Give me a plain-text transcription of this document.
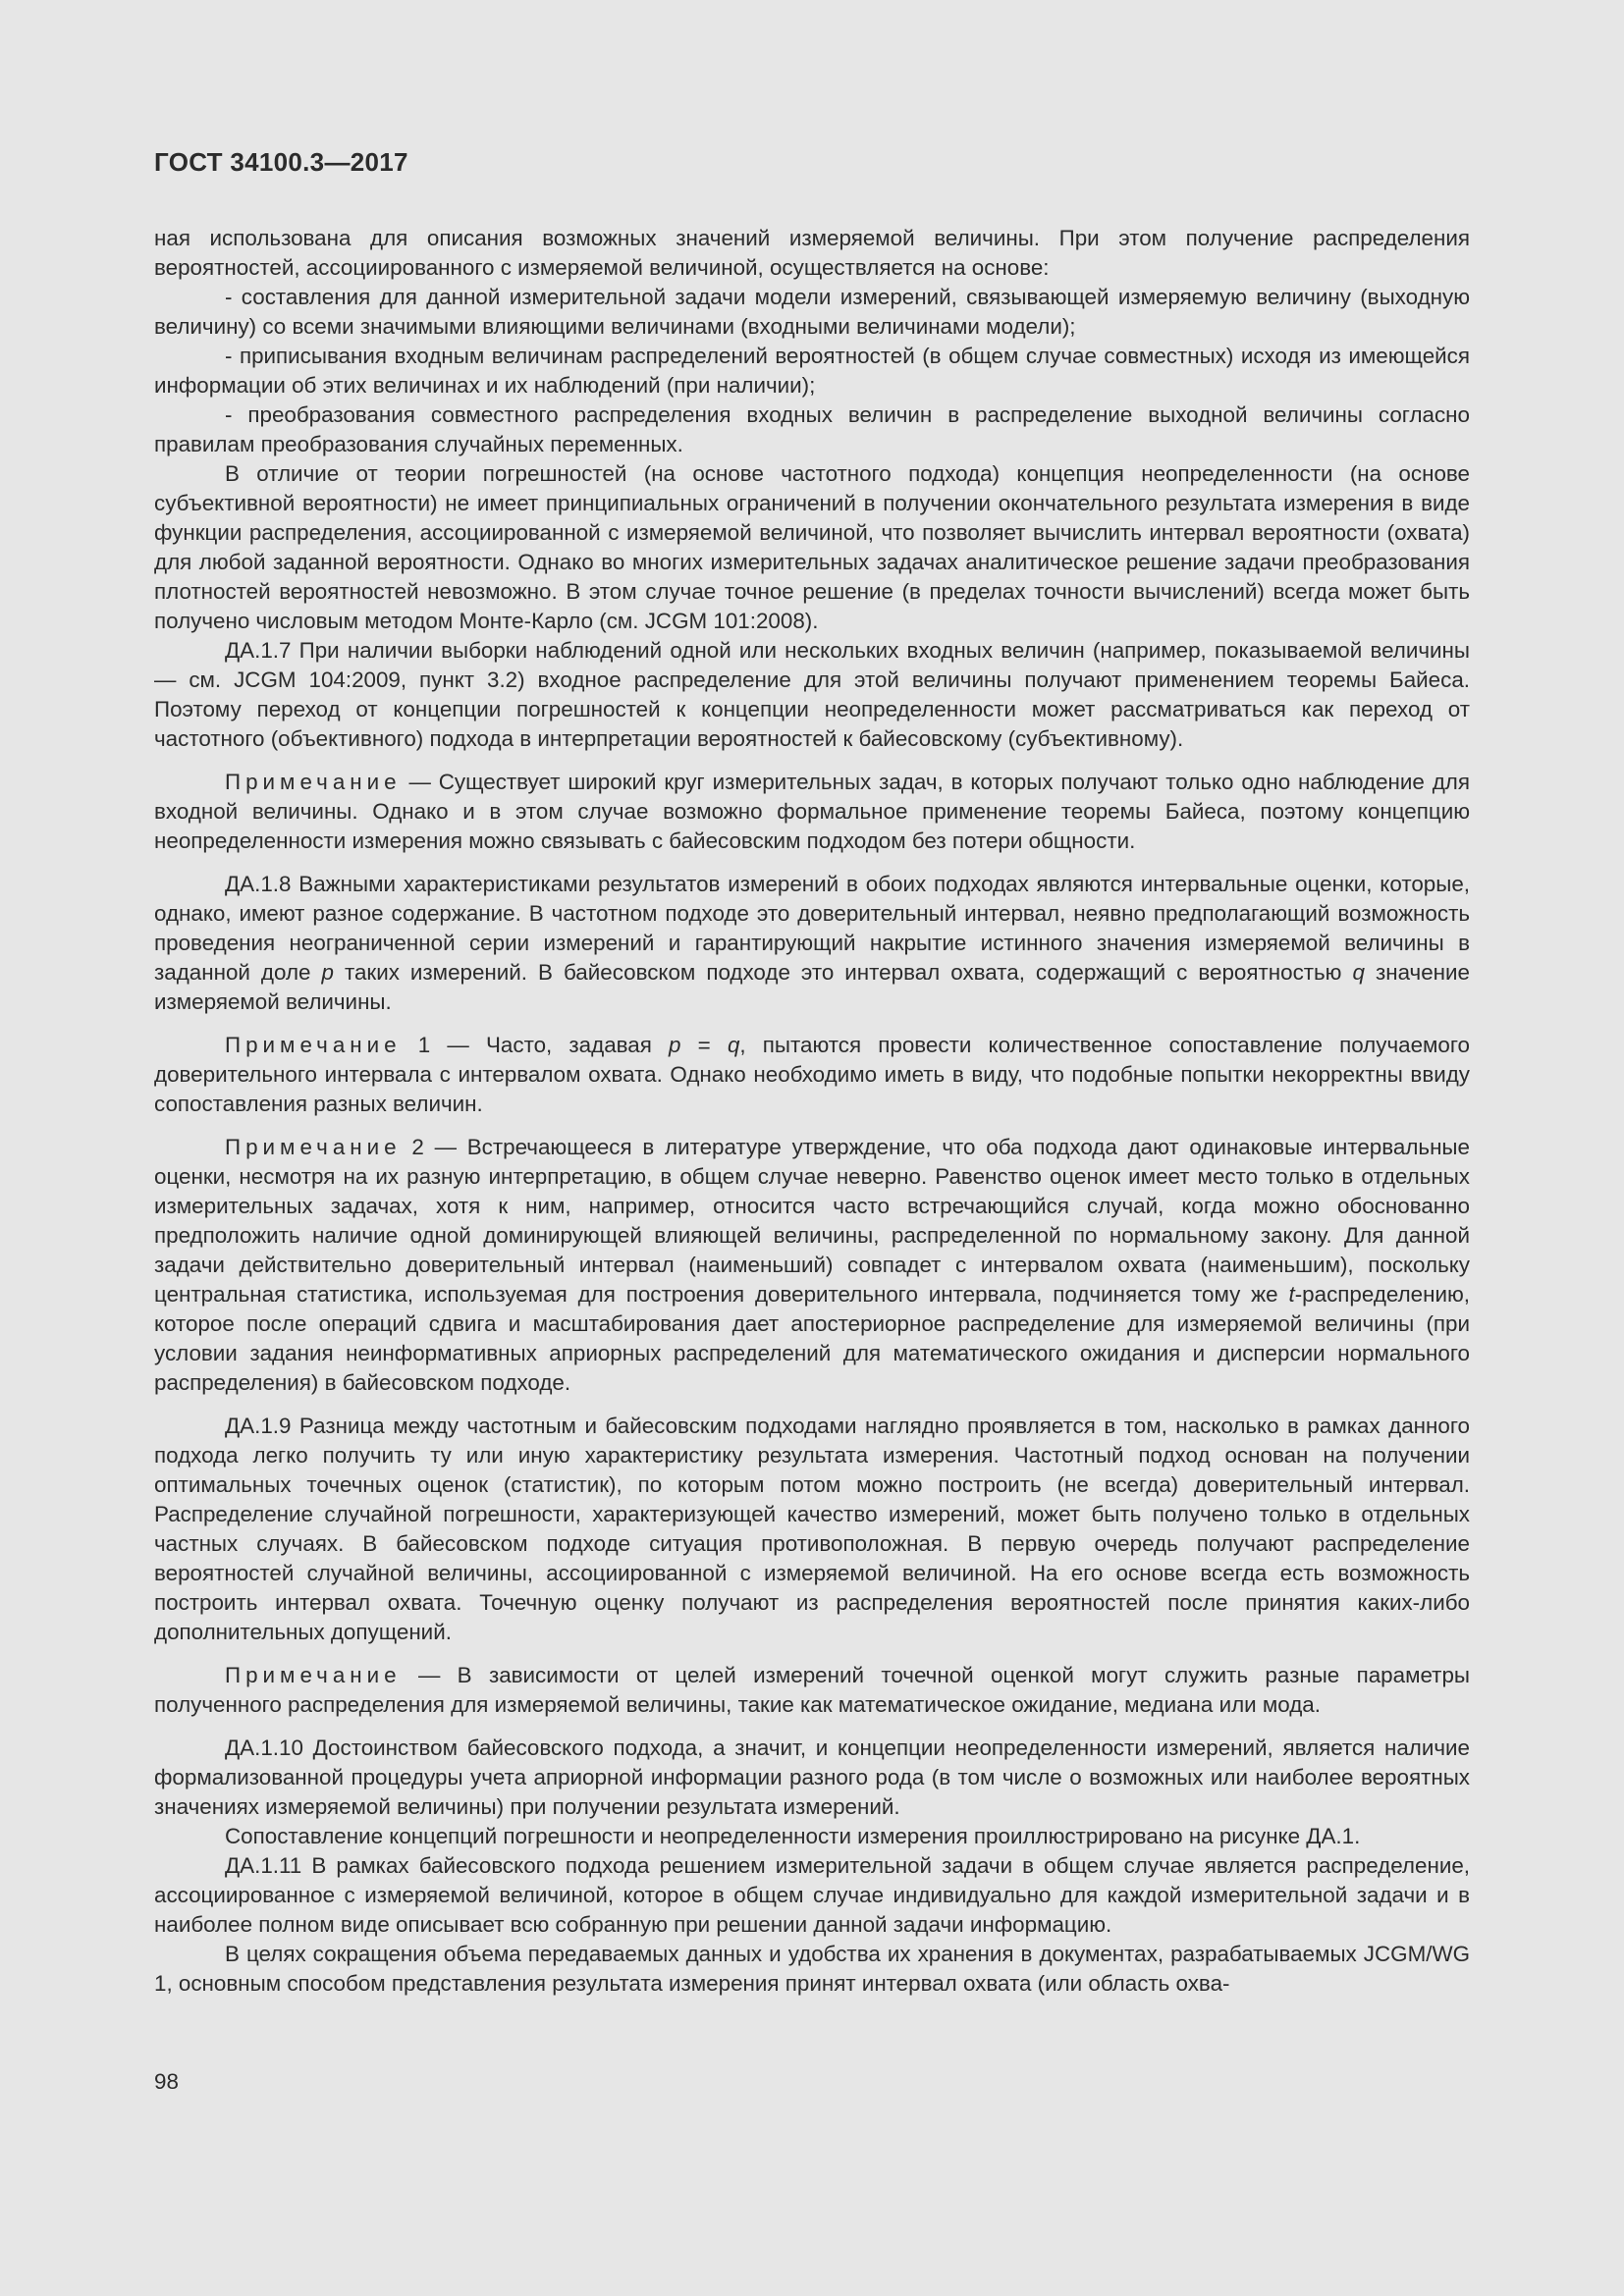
ГОСТ 34100.3—2017

ная использована для описания возможных значений измеряемой величины. При этом получение распределения вероятностей, ассоциированного с измеряемой величиной, осуществляется на основе:

- составления для данной измерительной задачи модели измерений, связывающей измеряемую величину (выходную величину) со всеми значимыми влияющими величинами (входными величинами модели);

- приписывания входным величинам распределений вероятностей (в общем случае совместных) исходя из имеющейся информации об этих величинах и их наблюдений (при наличии);

- преобразования совместного распределения входных величин в распределение выходной величины согласно правилам преобразования случайных переменных.

В отличие от теории погрешностей (на основе частотного подхода) концепция неопределенности (на основе субъективной вероятности) не имеет принципиальных ограничений в получении окончательного результата измерения в виде функции распределения, ассоциированной с измеряемой величиной, что позволяет вычислить интервал вероятности (охвата) для любой заданной вероятности. Однако во многих измерительных задачах аналитическое решение задачи преобразования плотностей вероятностей невозможно. В этом случае точное решение (в пределах точности вычислений) всегда может быть получено числовым методом Монте-Карло (см. JCGM 101:2008).

ДА.1.7 При наличии выборки наблюдений одной или нескольких входных величин (например, показываемой величины — см. JCGM 104:2009, пункт 3.2) входное распределение для этой величины получают применением теоремы Байеса. Поэтому переход от концепции погрешностей к концепции неопределенности может рассматриваться как переход от частотного (объективного) подхода в интерпретации вероятностей к байесовскому (субъективному).

Примечание — Существует широкий круг измерительных задач, в которых получают только одно наблюдение для входной величины. Однако и в этом случае возможно формальное применение теоремы Байеса, поэтому концепцию неопределенности измерения можно связывать с байесовским подходом без потери общности.

ДА.1.8 Важными характеристиками результатов измерений в обоих подходах являются интервальные оценки, которые, однако, имеют разное содержание. В частотном подходе это доверительный интервал, неявно предполагающий возможность проведения неограниченной серии измерений и гарантирующий накрытие истинного значения измеряемой величины в заданной доле p таких измерений. В байесовском подходе это интервал охвата, содержащий с вероятностью q значение измеряемой величины.

Примечание 1 — Часто, задавая p = q, пытаются провести количественное сопоставление получаемого доверительного интервала с интервалом охвата. Однако необходимо иметь в виду, что подобные попытки некорректны ввиду сопоставления разных величин.

Примечание 2 — Встречающееся в литературе утверждение, что оба подхода дают одинаковые интервальные оценки, несмотря на их разную интерпретацию, в общем случае неверно. Равенство оценок имеет место только в отдельных измерительных задачах, хотя к ним, например, относится часто встречающийся случай, когда можно обоснованно предположить наличие одной доминирующей влияющей величины, распределенной по нормальному закону. Для данной задачи действительно доверительный интервал (наименьший) совпадет с интервалом охвата (наименьшим), поскольку центральная статистика, используемая для построения доверительного интервала, подчиняется тому же t-распределению, которое после операций сдвига и масштабирования дает апостериорное распределение для измеряемой величины (при условии задания неинформативных априорных распределений для математического ожидания и дисперсии нормального распределения) в байесовском подходе.

ДА.1.9 Разница между частотным и байесовским подходами наглядно проявляется в том, насколько в рамках данного подхода легко получить ту или иную характеристику результата измерения. Частотный подход основан на получении оптимальных точечных оценок (статистик), по которым потом можно построить (не всегда) доверительный интервал. Распределение случайной погрешности, характеризующей качество измерений, может быть получено только в отдельных частных случаях. В байесовском подходе ситуация противоположная. В первую очередь получают распределение вероятностей случайной величины, ассоциированной с измеряемой величиной. На его основе всегда есть возможность построить интервал охвата. Точечную оценку получают из распределения вероятностей после принятия каких-либо дополнительных допущений.

Примечание — В зависимости от целей измерений точечной оценкой могут служить разные параметры полученного распределения для измеряемой величины, такие как математическое ожидание, медиана или мода.

ДА.1.10 Достоинством байесовского подхода, а значит, и концепции неопределенности измерений, является наличие формализованной процедуры учета априорной информации разного рода (в том числе о возможных или наиболее вероятных значениях измеряемой величины) при получении результата измерений.

Сопоставление концепций погрешности и неопределенности измерения проиллюстрировано на рисунке ДА.1.

ДА.1.11 В рамках байесовского подхода решением измерительной задачи в общем случае является распределение, ассоциированное с измеряемой величиной, которое в общем случае индивидуально для каждой измерительной задачи и в наиболее полном виде описывает всю собранную при решении данной задачи информацию.

В целях сокращения объема передаваемых данных и удобства их хранения в документах, разрабатываемых JCGM/WG 1, основным способом представления результата измерения принят интервал охвата (или область охва-

98
